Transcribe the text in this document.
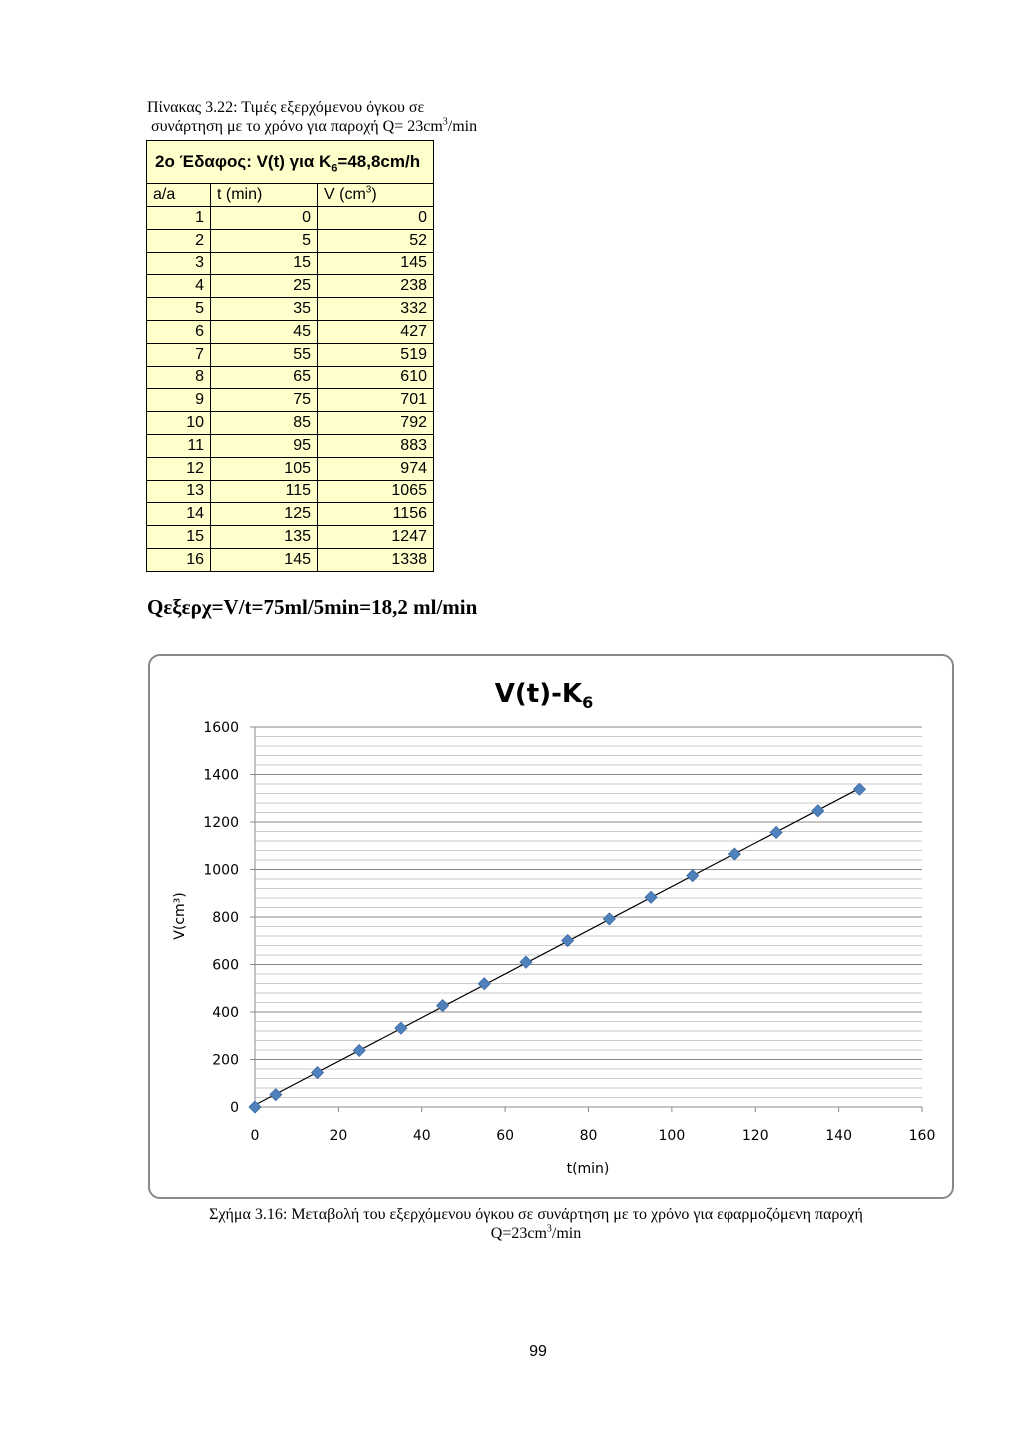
Πίνακας 3.22: Τιμές εξερχόμενου όγκου σε
συνάρτηση με το χρόνο για παροχή $Q= 23cm^3/\min$
2o Έδαφος: V(t) για $K_6=48,8cm/h$		
a/a	t (min)	V $(cm^3)$
1	0	0
2	5	52
3	15	145
4	25	238
5	35	332
6	45	427
7	55	519
8	65	610
9	75	701
10	85	792
11	95	883
12	105	974
13	115	1065
14	125	1156
15	135	1247
16	145	1338
Qεξερχ=V/t=75ml/5min=18,2 ml/min
0
200
400
600
800
1000
1200
1400
1600
0	20	40	60	80	100	120	140	160
$V(t)-K_6$
t(min)
V(cm³)
Σχήμα 3.16: Μεταβολή του εξερχόμενου όγκου σε συνάρτηση με το χρόνο για εφαρμοζόμενη παροχή
$Q=23cm^3/\min$
99
